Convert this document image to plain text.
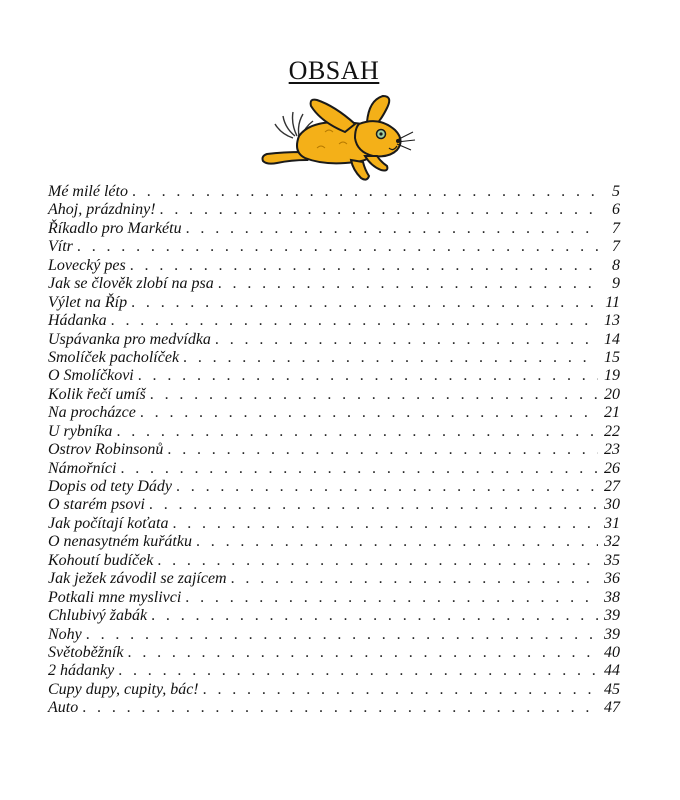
OBSAH
Mé milé léto . . .	5
Ahoj, prázdniny! . . .	6
Říkadlo pro Markétu . . .	7
Vítr . . .	7
Lovecký pes . . .	8
Jak se člověk zlobí na psa . . .	9
Výlet na Říp . . .	11
Hádanka . . .	13
Uspávanka pro medvídka . . .	14
Smolíček pacholíček . . .	15
O Smolíčkovi . . .	19
Kolik řečí umíš . . .	20
Na procházce . . .	21
U rybníka . . .	22
Ostrov Robinsonů . . .	23
Námořníci . . .	26
Dopis od tety Dády . . .	27
O starém psovi . . .	30
Jak počítají koťata . . .	31
O nenasytném kuřátku . . .	32
Kohoutí budíček . . .	35
Jak ježek závodil se zajícem . . .	36
Potkali mne myslivci . . .	38
Chlubivý žabák . . .	39
Nohy . . .	39
Světoběžník . . .	40
2 hádanky . . .	44
Cupy dupy, cupity, bác! . . .	45
Auto . . .	47
